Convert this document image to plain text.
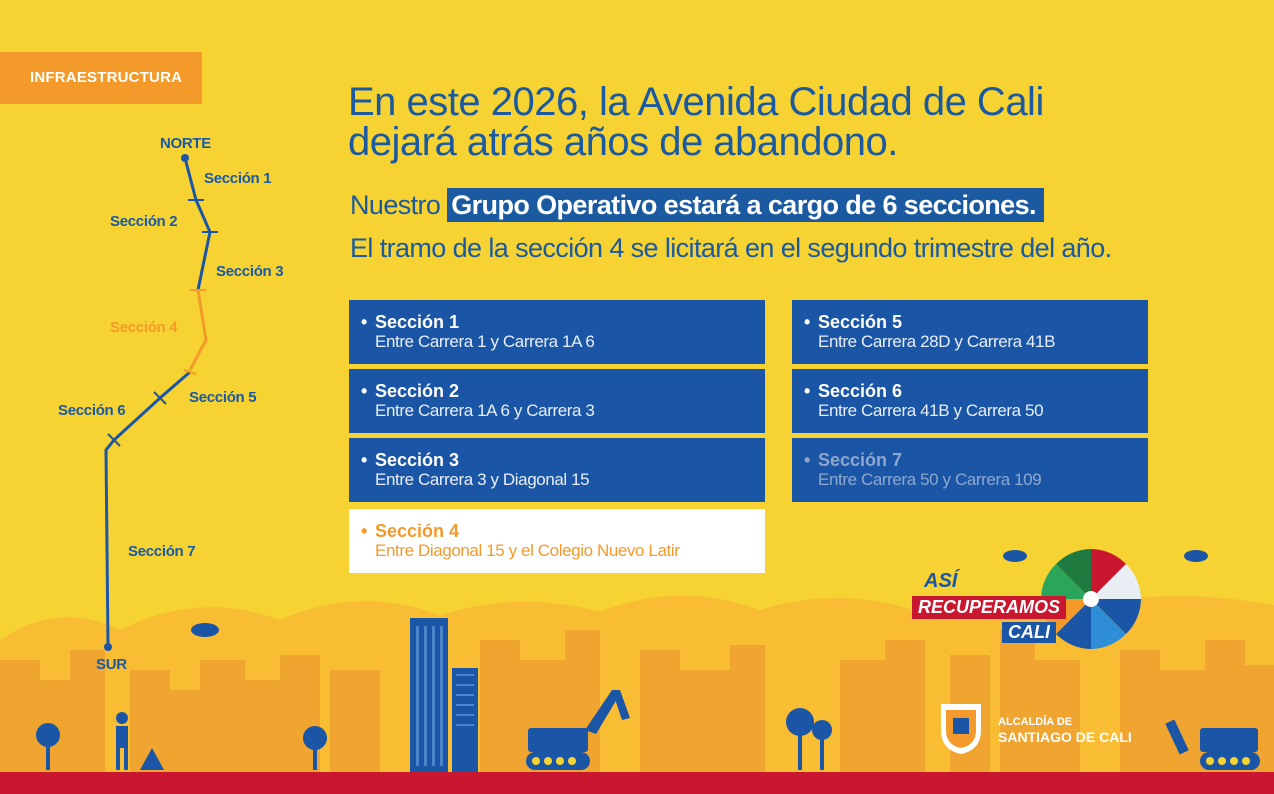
INFRAESTRUCTURA
NORTE
SUR
Sección 1
Sección 2
Sección 3
Sección 4
Sección 5
Sección 6
Sección 7
En este 2026, la Avenida Ciudad de Cali
dejará atrás años de abandono.
Nuestro Grupo Operativo estará a cargo de 6 secciones.
El tramo de la sección 4 se licitará en el segundo trimestre del año.
• Sección 1
Entre Carrera 1 y Carrera 1A 6
• Sección 2
Entre Carrera 1A 6 y Carrera 3
• Sección 3
Entre Carrera 3 y Diagonal 15
• Sección 4
Entre Diagonal 15 y el Colegio Nuevo Latir
• Sección 5
Entre Carrera 28D y Carrera 41B
• Sección 6
Entre Carrera 41B y Carrera 50
• Sección 7
Entre Carrera 50 y Carrera 109
ASÍ
RECUPERAMOS
CALI
ALCALDÍA DE
SANTIAGO DE CALI
